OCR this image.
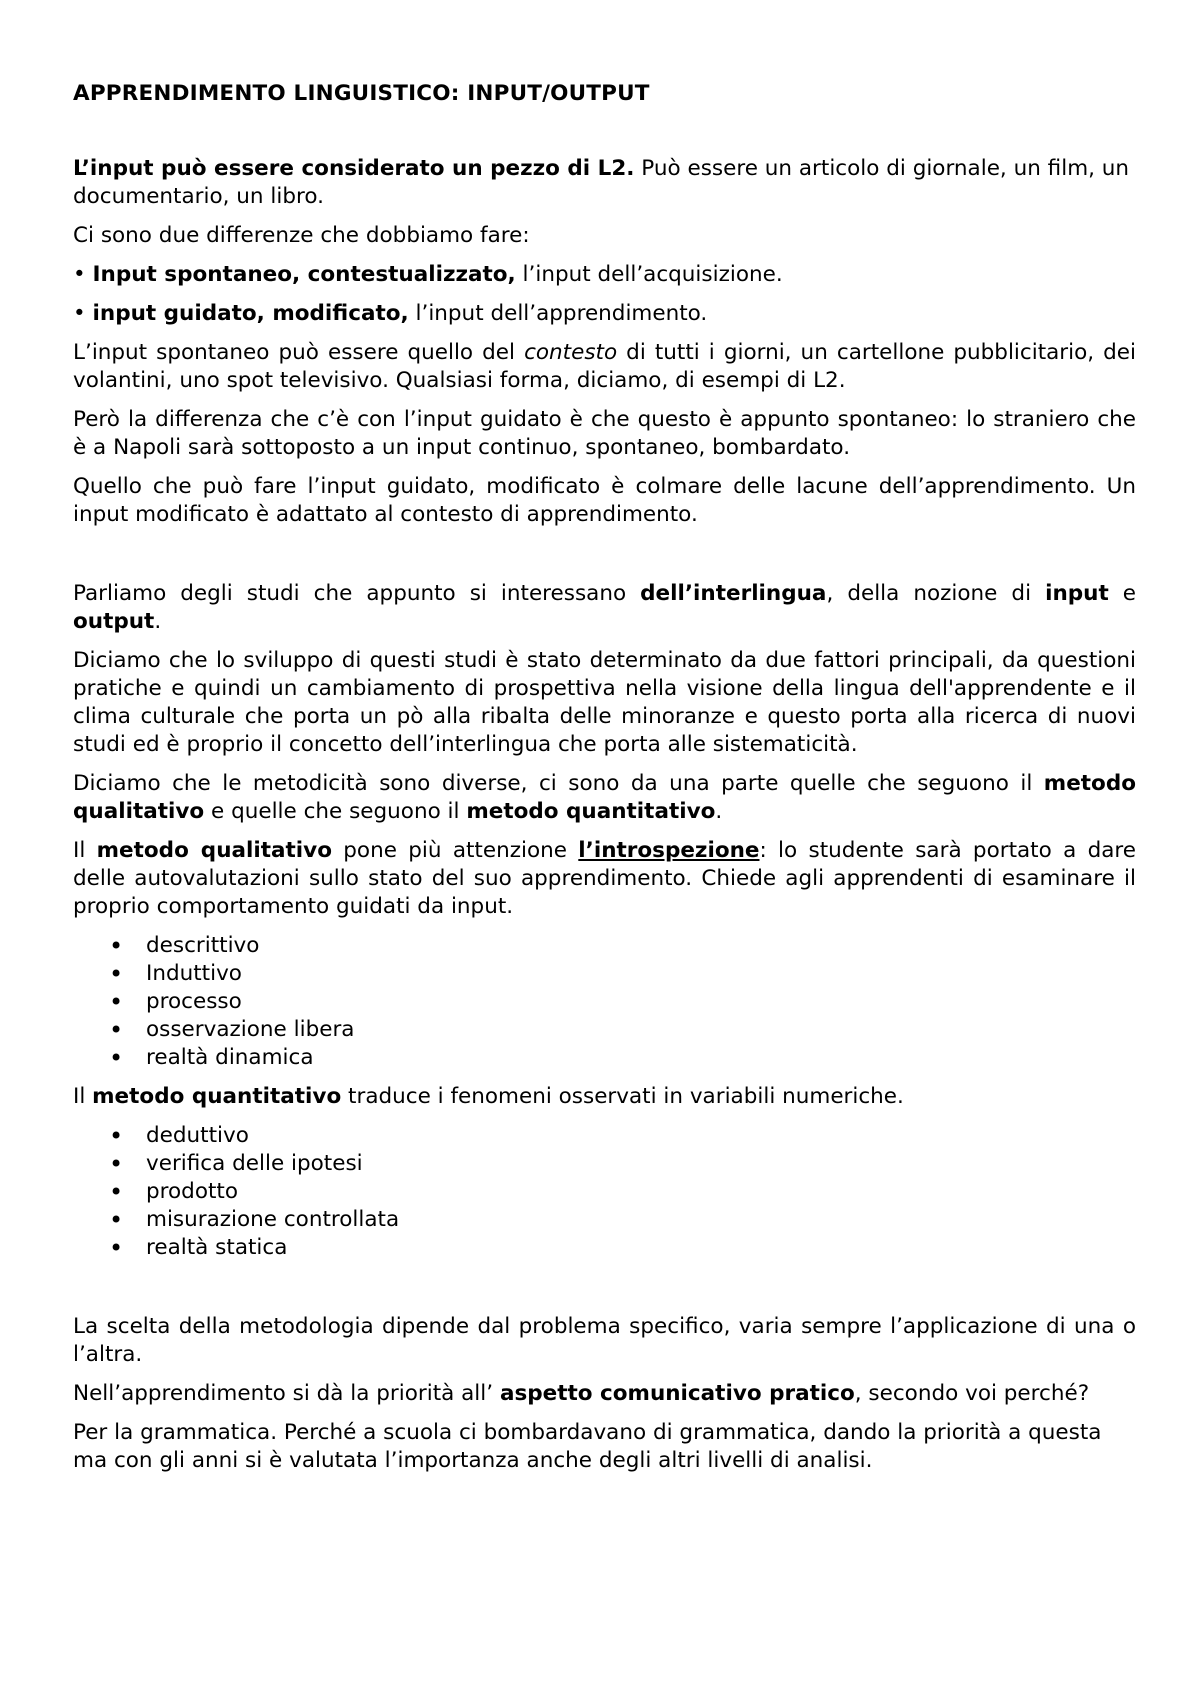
APPRENDIMENTO LINGUISTICO: INPUT/OUTPUT

L’input può essere considerato un pezzo di L2. Può essere un articolo di giornale, un film, un documentario, un libro.

Ci sono due differenze che dobbiamo fare:

• Input spontaneo, contestualizzato, l’input dell’acquisizione.

• input guidato, modificato, l’input dell’apprendimento.

L’input spontaneo può essere quello del contesto di tutti i giorni, un cartellone pubblicitario, dei volantini, uno spot televisivo. Qualsiasi forma, diciamo, di esempi di L2.

Però la differenza che c’è con l’input guidato è che questo è appunto spontaneo: lo straniero che è a Napoli sarà sottoposto a un input continuo, spontaneo, bombardato.

Quello che può fare l’input guidato, modificato è colmare delle lacune dell’apprendimento. Un input modificato è adattato al contesto di apprendimento.

Parliamo degli studi che appunto si interessano dell’interlingua, della nozione di input e output.

Diciamo che lo sviluppo di questi studi è stato determinato da due fattori principali, da questioni pratiche e quindi un cambiamento di prospettiva nella visione della lingua dell'apprendente e il clima culturale che porta un pò alla ribalta delle minoranze e questo porta alla ricerca di nuovi studi ed è proprio il concetto dell’interlingua che porta alle sistematicità.

Diciamo che le metodicità sono diverse, ci sono da una parte quelle che seguono il metodo qualitativo e quelle che seguono il metodo quantitativo.

Il metodo qualitativo pone più attenzione l’introspezione: lo studente sarà portato a dare delle autovalutazioni sullo stato del suo apprendimento. Chiede agli apprendenti di esaminare il proprio comportamento guidati da input.

• descrittivo
• Induttivo
• processo
• osservazione libera
• realtà dinamica

Il metodo quantitativo traduce i fenomeni osservati in variabili numeriche.

• deduttivo
• verifica delle ipotesi
• prodotto
• misurazione controllata
• realtà statica

La scelta della metodologia dipende dal problema specifico, varia sempre l’applicazione di una o l’altra.

Nell’apprendimento si dà la priorità all’ aspetto comunicativo pratico, secondo voi perché?

Per la grammatica. Perché a scuola ci bombardavano di grammatica, dando la priorità a questa ma con gli anni si è valutata l’importanza anche degli altri livelli di analisi.
